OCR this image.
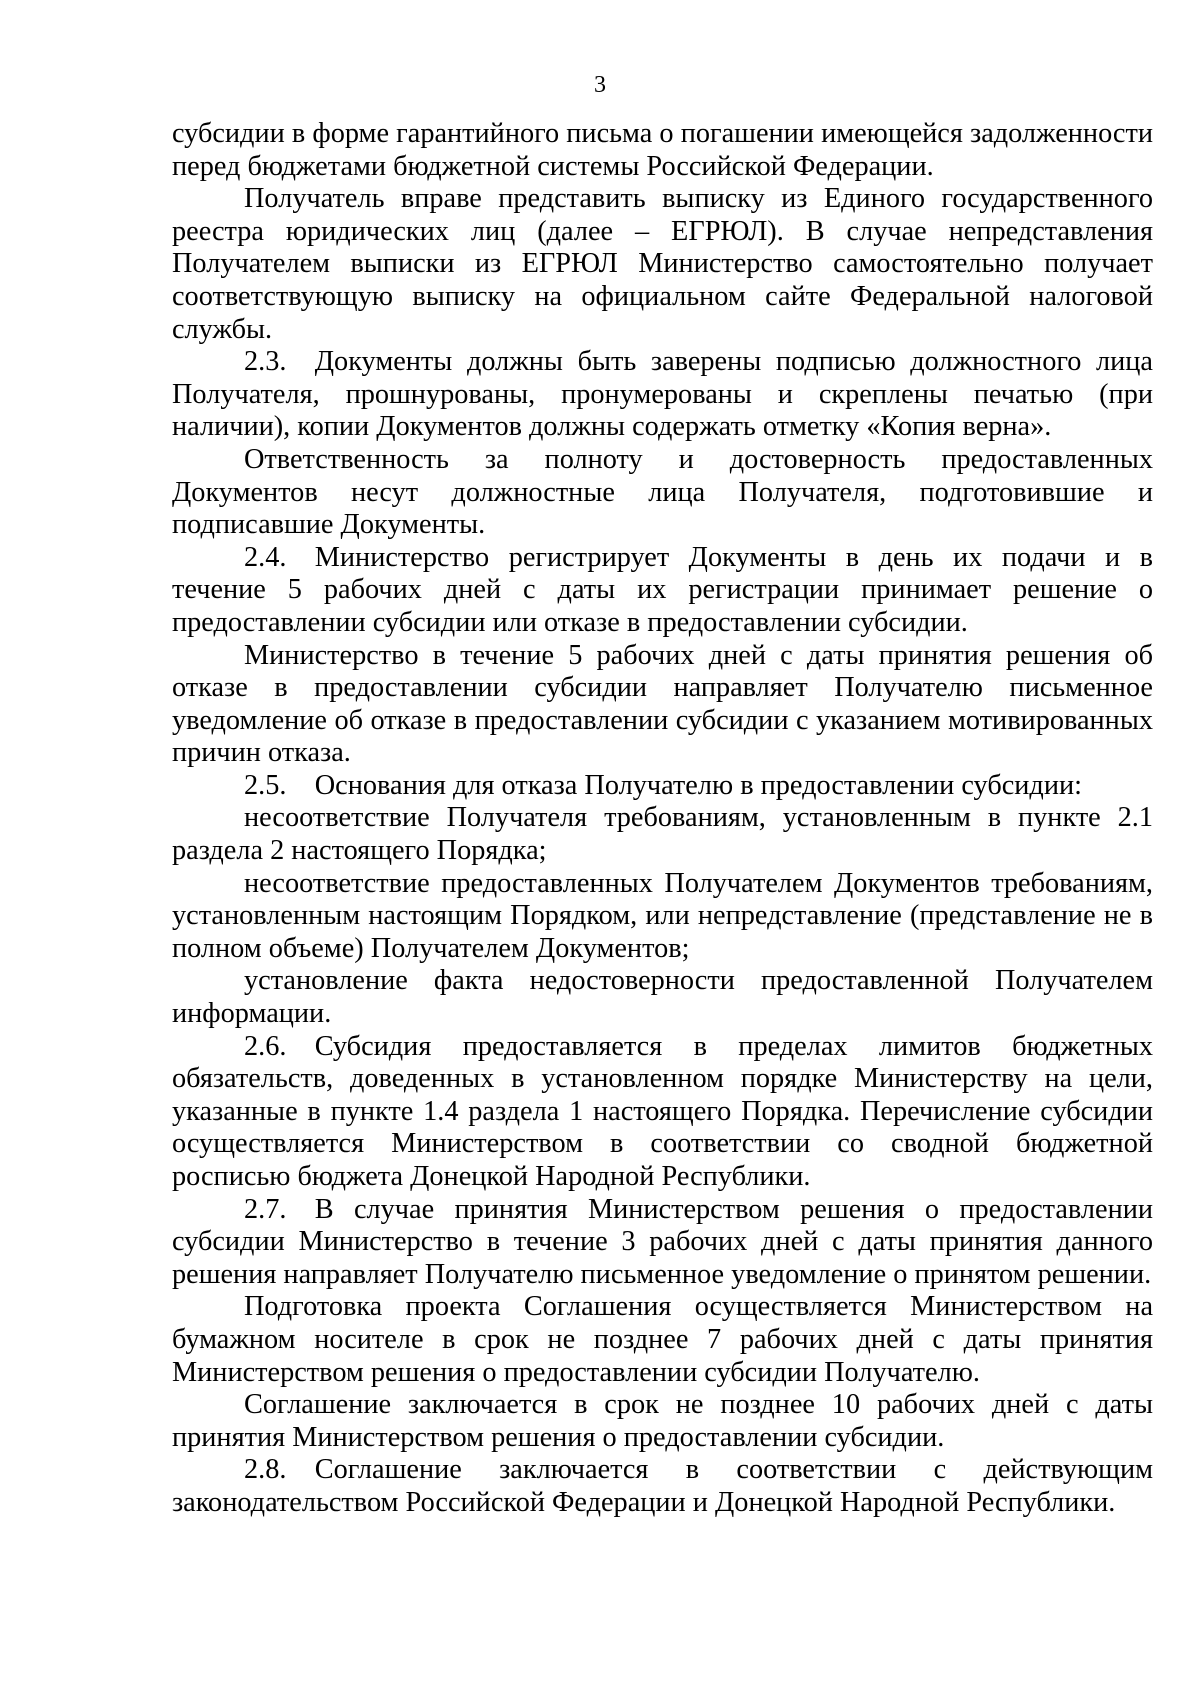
3

субсидии в форме гарантийного письма о погашении имеющейся задолженности перед бюджетами бюджетной системы Российской Федерации.

Получатель вправе представить выписку из Единого государственного реестра юридических лиц (далее – ЕГРЮЛ). В случае непредставления Получателем выписки из ЕГРЮЛ Министерство самостоятельно получает соответствующую выписку на официальном сайте Федеральной налоговой службы.

2.3. Документы должны быть заверены подписью должностного лица Получателя, прошнурованы, пронумерованы и скреплены печатью (при наличии), копии Документов должны содержать отметку «Копия верна».

Ответственность за полноту и достоверность предоставленных Документов несут должностные лица Получателя, подготовившие и подписавшие Документы.

2.4. Министерство регистрирует Документы в день их подачи и в течение 5 рабочих дней с даты их регистрации принимает решение о предоставлении субсидии или отказе в предоставлении субсидии.

Министерство в течение 5 рабочих дней с даты принятия решения об отказе в предоставлении субсидии направляет Получателю письменное уведомление об отказе в предоставлении субсидии с указанием мотивированных причин отказа.

2.5. Основания для отказа Получателю в предоставлении субсидии:

несоответствие Получателя требованиям, установленным в пункте 2.1 раздела 2 настоящего Порядка;

несоответствие предоставленных Получателем Документов требованиям, установленным настоящим Порядком, или непредставление (представление не в полном объеме) Получателем Документов;

установление факта недостоверности предоставленной Получателем информации.

2.6. Субсидия предоставляется в пределах лимитов бюджетных обязательств, доведенных в установленном порядке Министерству на цели, указанные в пункте 1.4 раздела 1 настоящего Порядка. Перечисление субсидии осуществляется Министерством в соответствии со сводной бюджетной росписью бюджета Донецкой Народной Республики.

2.7. В случае принятия Министерством решения о предоставлении субсидии Министерство в течение 3 рабочих дней с даты принятия данного решения направляет Получателю письменное уведомление о принятом решении.

Подготовка проекта Соглашения осуществляется Министерством на бумажном носителе в срок не позднее 7 рабочих дней с даты принятия Министерством решения о предоставлении субсидии Получателю.

Соглашение заключается в срок не позднее 10 рабочих дней с даты принятия Министерством решения о предоставлении субсидии.

2.8. Соглашение заключается в соответствии с действующим законодательством Российской Федерации и Донецкой Народной Республики.
